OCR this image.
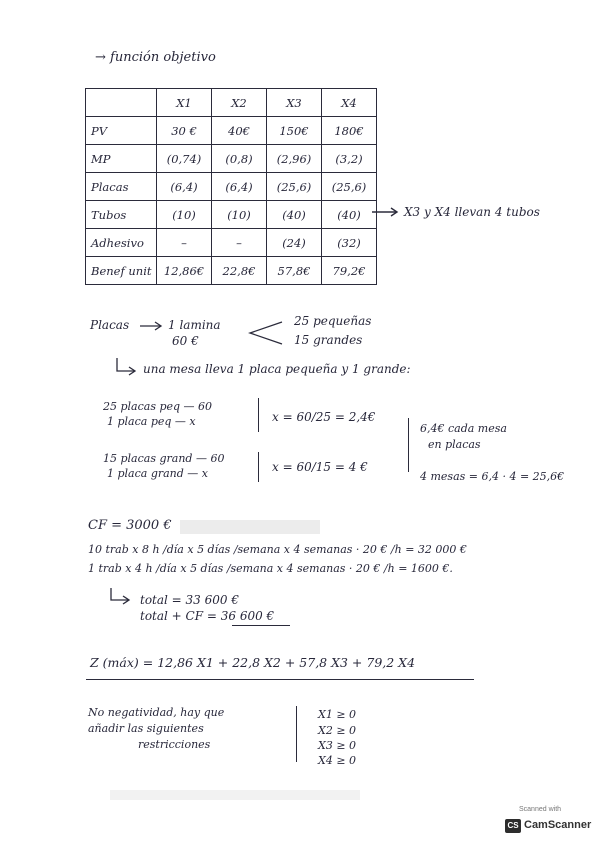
→ función objetivo
	X1	X2	X3	X4
PV	30 €	40€	150€	180€
MP	(0,74)	(0,8)	(2,96)	(3,2)
Placas	(6,4)	(6,4)	(25,6)	(25,6)
Tubos	(10)	(10)	(40)	(40)
Adhesivo	–	–	(24)	(32)
Benef unit	12,86€	22,8€	57,8€	79,2€
X3 y X4 llevan 4 tubos
Placas	1 lamina
60 €
25 pequeñas
15 grandes
una mesa lleva 1 placa pequeña y 1 grande:
25 placas peq — 60
1 placa peq — x	x = 60/25 = 2,4€
15 placas grand — 60
1 placa grand — x	x = 60/15 = 4 €
6,4€ cada mesa
en placas
4 mesas = 6,4 · 4 = 25,6€
CF = 3000 €
10 trab x 8 h /día x 5 días /semana x 4 semanas · 20 € /h = 32 000 €
1 trab x 4 h /día x 5 días /semana x 4 semanas · 20 € /h = 1600 €.
total = 33 600 €
total + CF = 36 600 €
Z (máx) = 12,86 X1 + 22,8 X2 + 57,8 X3 + 79,2 X4
No negatividad, hay que
añadir las siguientes
restricciones
X1 ≥ 0
X2 ≥ 0
X3 ≥ 0
X4 ≥ 0
Scanned with
CS CamScanner
